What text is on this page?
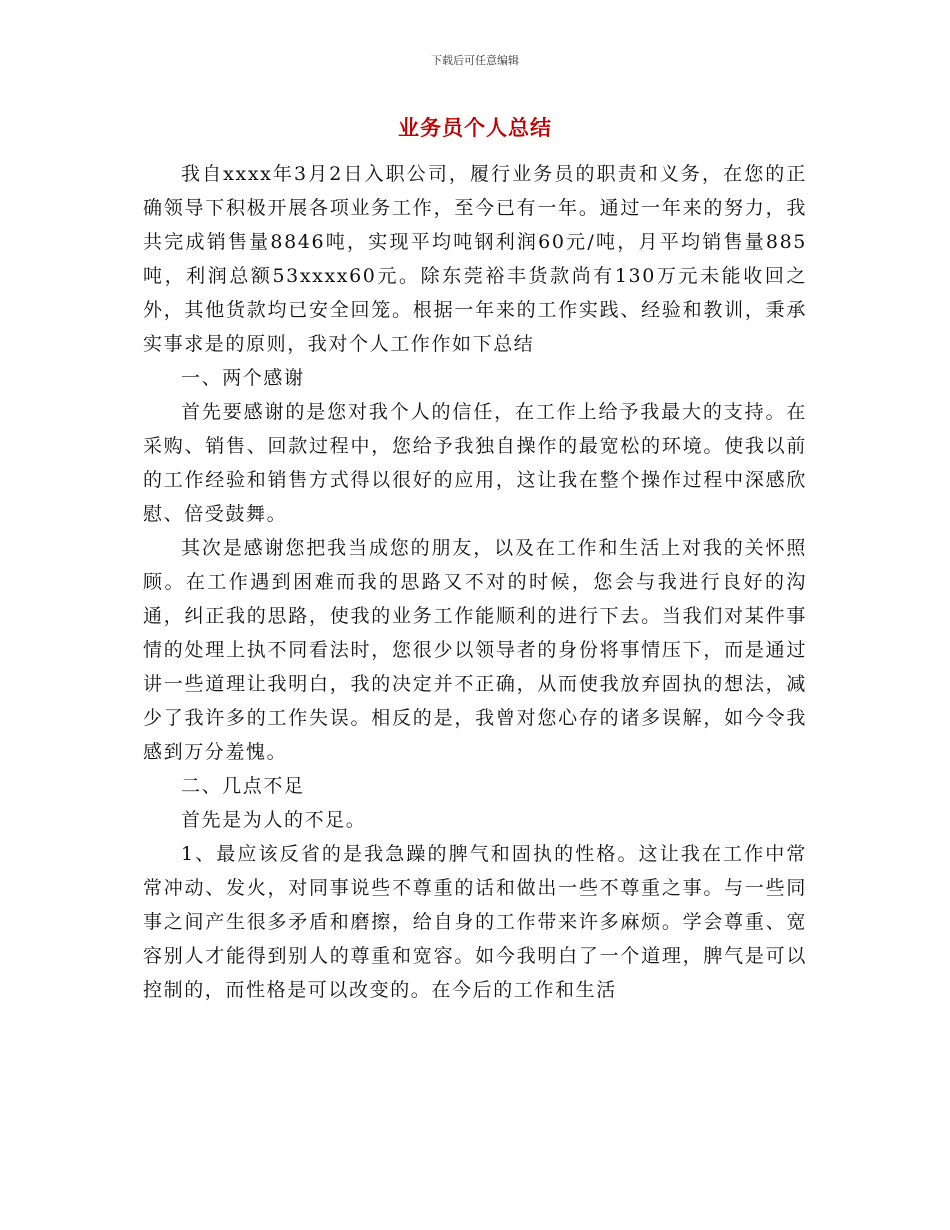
下载后可任意编辑
业务员个人总结

我自xxxx年3月2日入职公司，履行业务员的职责和义务，在您的正确领导下积极开展各项业务工作，至今已有一年。通过一年来的努力，我共完成销售量8846吨，实现平均吨钢利润60元/吨，月平均销售量885吨，利润总额53xxxx60元。除东莞裕丰货款尚有130万元未能收回之外，其他货款均已安全回笼。根据一年来的工作实践、经验和教训，秉承实事求是的原则，我对个人工作作如下总结

一、两个感谢

首先要感谢的是您对我个人的信任，在工作上给予我最大的支持。在采购、销售、回款过程中，您给予我独自操作的最宽松的环境。使我以前的工作经验和销售方式得以很好的应用，这让我在整个操作过程中深感欣慰、倍受鼓舞。

其次是感谢您把我当成您的朋友，以及在工作和生活上对我的关怀照顾。在工作遇到困难而我的思路又不对的时候，您会与我进行良好的沟通，纠正我的思路，使我的业务工作能顺利的进行下去。当我们对某件事情的处理上执不同看法时，您很少以领导者的身份将事情压下，而是通过讲一些道理让我明白，我的决定并不正确，从而使我放弃固执的想法，减少了我许多的工作失误。相反的是，我曾对您心存的诸多误解，如今令我感到万分羞愧。

二、几点不足

首先是为人的不足。

1、最应该反省的是我急躁的脾气和固执的性格。这让我在工作中常常冲动、发火，对同事说些不尊重的话和做出一些不尊重之事。与一些同事之间产生很多矛盾和磨擦，给自身的工作带来许多麻烦。学会尊重、宽容别人才能得到别人的尊重和宽容。如今我明白了一个道理，脾气是可以控制的，而性格是可以改变的。在今后的工作和生活
